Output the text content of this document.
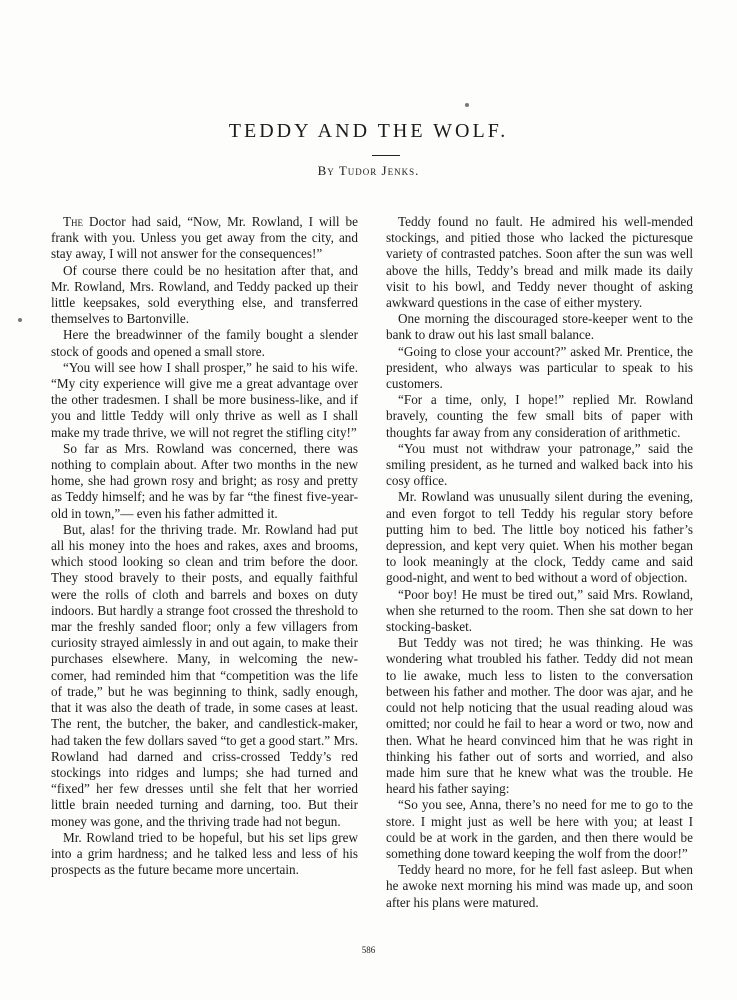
TEDDY AND THE WOLF.

By Tudor Jenks.

The Doctor had said, “Now, Mr. Rowland, I will be frank with you. Unless you get away from the city, and stay away, I will not answer for the consequences!”

Of course there could be no hesitation after that, and Mr. Rowland, Mrs. Rowland, and Teddy packed up their little keepsakes, sold everything else, and transferred themselves to Bartonville.

Here the breadwinner of the family bought a slender stock of goods and opened a small store.

“You will see how I shall prosper,” he said to his wife. “My city experience will give me a great advantage over the other tradesmen. I shall be more business-like, and if you and little Teddy will only thrive as well as I shall make my trade thrive, we will not regret the stifling city!”

So far as Mrs. Rowland was concerned, there was nothing to complain about. After two months in the new home, she had grown rosy and bright; as rosy and pretty as Teddy himself; and he was by far “the finest five-year-old in town,”— even his father admitted it.

But, alas! for the thriving trade. Mr. Rowland had put all his money into the hoes and rakes, axes and brooms, which stood looking so clean and trim before the door. They stood bravely to their posts, and equally faithful were the rolls of cloth and barrels and boxes on duty indoors. But hardly a strange foot crossed the threshold to mar the freshly sanded floor; only a few villagers from curiosity strayed aimlessly in and out again, to make their purchases elsewhere. Many, in welcoming the new-comer, had reminded him that “competition was the life of trade,” but he was beginning to think, sadly enough, that it was also the death of trade, in some cases at least. The rent, the butcher, the baker, and candlestick-maker, had taken the few dollars saved “to get a good start.” Mrs. Rowland had darned and criss-crossed Teddy’s red stockings into ridges and lumps; she had turned and “fixed” her few dresses until she felt that her worried little brain needed turning and darning, too. But their money was gone, and the thriving trade had not begun.

Mr. Rowland tried to be hopeful, but his set lips grew into a grim hardness; and he talked less and less of his prospects as the future became more uncertain.

Teddy found no fault. He admired his well-mended stockings, and pitied those who lacked the picturesque variety of contrasted patches. Soon after the sun was well above the hills, Teddy’s bread and milk made its daily visit to his bowl, and Teddy never thought of asking awkward questions in the case of either mystery.

One morning the discouraged store-keeper went to the bank to draw out his last small balance.

“Going to close your account?” asked Mr. Prentice, the president, who always was particular to speak to his customers.

“For a time, only, I hope!” replied Mr. Rowland bravely, counting the few small bits of paper with thoughts far away from any consideration of arithmetic.

“You must not withdraw your patronage,” said the smiling president, as he turned and walked back into his cosy office.

Mr. Rowland was unusually silent during the evening, and even forgot to tell Teddy his regular story before putting him to bed. The little boy noticed his father’s depression, and kept very quiet. When his mother began to look meaningly at the clock, Teddy came and said good-night, and went to bed without a word of objection.

“Poor boy! He must be tired out,” said Mrs. Rowland, when she returned to the room. Then she sat down to her stocking-basket.

But Teddy was not tired; he was thinking. He was wondering what troubled his father. Teddy did not mean to lie awake, much less to listen to the conversation between his father and mother. The door was ajar, and he could not help noticing that the usual reading aloud was omitted; nor could he fail to hear a word or two, now and then. What he heard convinced him that he was right in thinking his father out of sorts and worried, and also made him sure that he knew what was the trouble. He heard his father saying:

“So you see, Anna, there’s no need for me to go to the store. I might just as well be here with you; at least I could be at work in the garden, and then there would be something done toward keeping the wolf from the door!”

Teddy heard no more, for he fell fast asleep. But when he awoke next morning his mind was made up, and soon after his plans were matured.

586
